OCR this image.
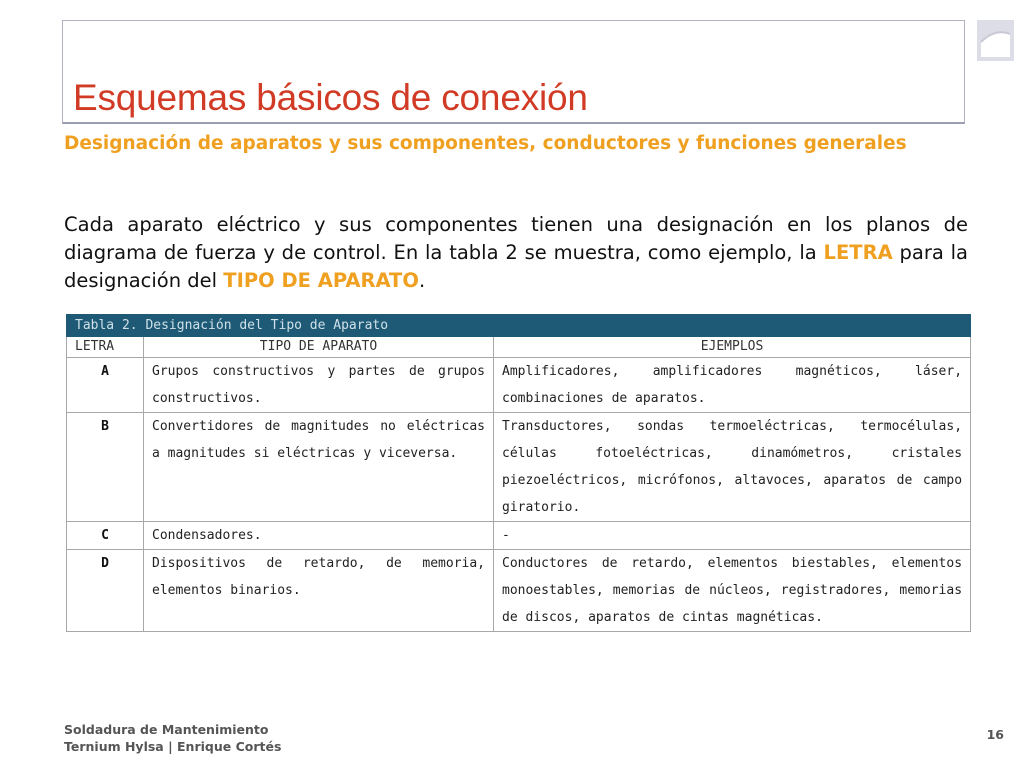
Esquemas básicos de conexión
Designación de aparatos y sus componentes, conductores y funciones generales
Cada aparato eléctrico y sus componentes tienen una designación en los planos de diagrama de fuerza y de control. En la tabla 2 se muestra, como ejemplo, la LETRA para la designación del TIPO DE APARATO.
Tabla 2. Designación del Tipo de Aparato		
LETRA	TIPO DE APARATO	EJEMPLOS
A	Grupos constructivos y partes de grupos constructivos.	Amplificadores, amplificadores magnéticos, láser, combinaciones de aparatos.
B	Convertidores de magnitudes no eléctricas a magnitudes si eléctricas y viceversa.	Transductores, sondas termoeléctricas, termocélulas, células fotoeléctricas, dinamómetros, cristales piezoeléctricos, micrófonos, altavoces, aparatos de campo giratorio.
C	Condensadores.	-
D	Dispositivos de retardo, de memoria, elementos binarios.	Conductores de retardo, elementos biestables, elementos monoestables, memorias de núcleos, registradores, memorias de discos, aparatos de cintas magnéticas.
Soldadura de Mantenimiento
Ternium Hylsa | Enrique Cortés
16
